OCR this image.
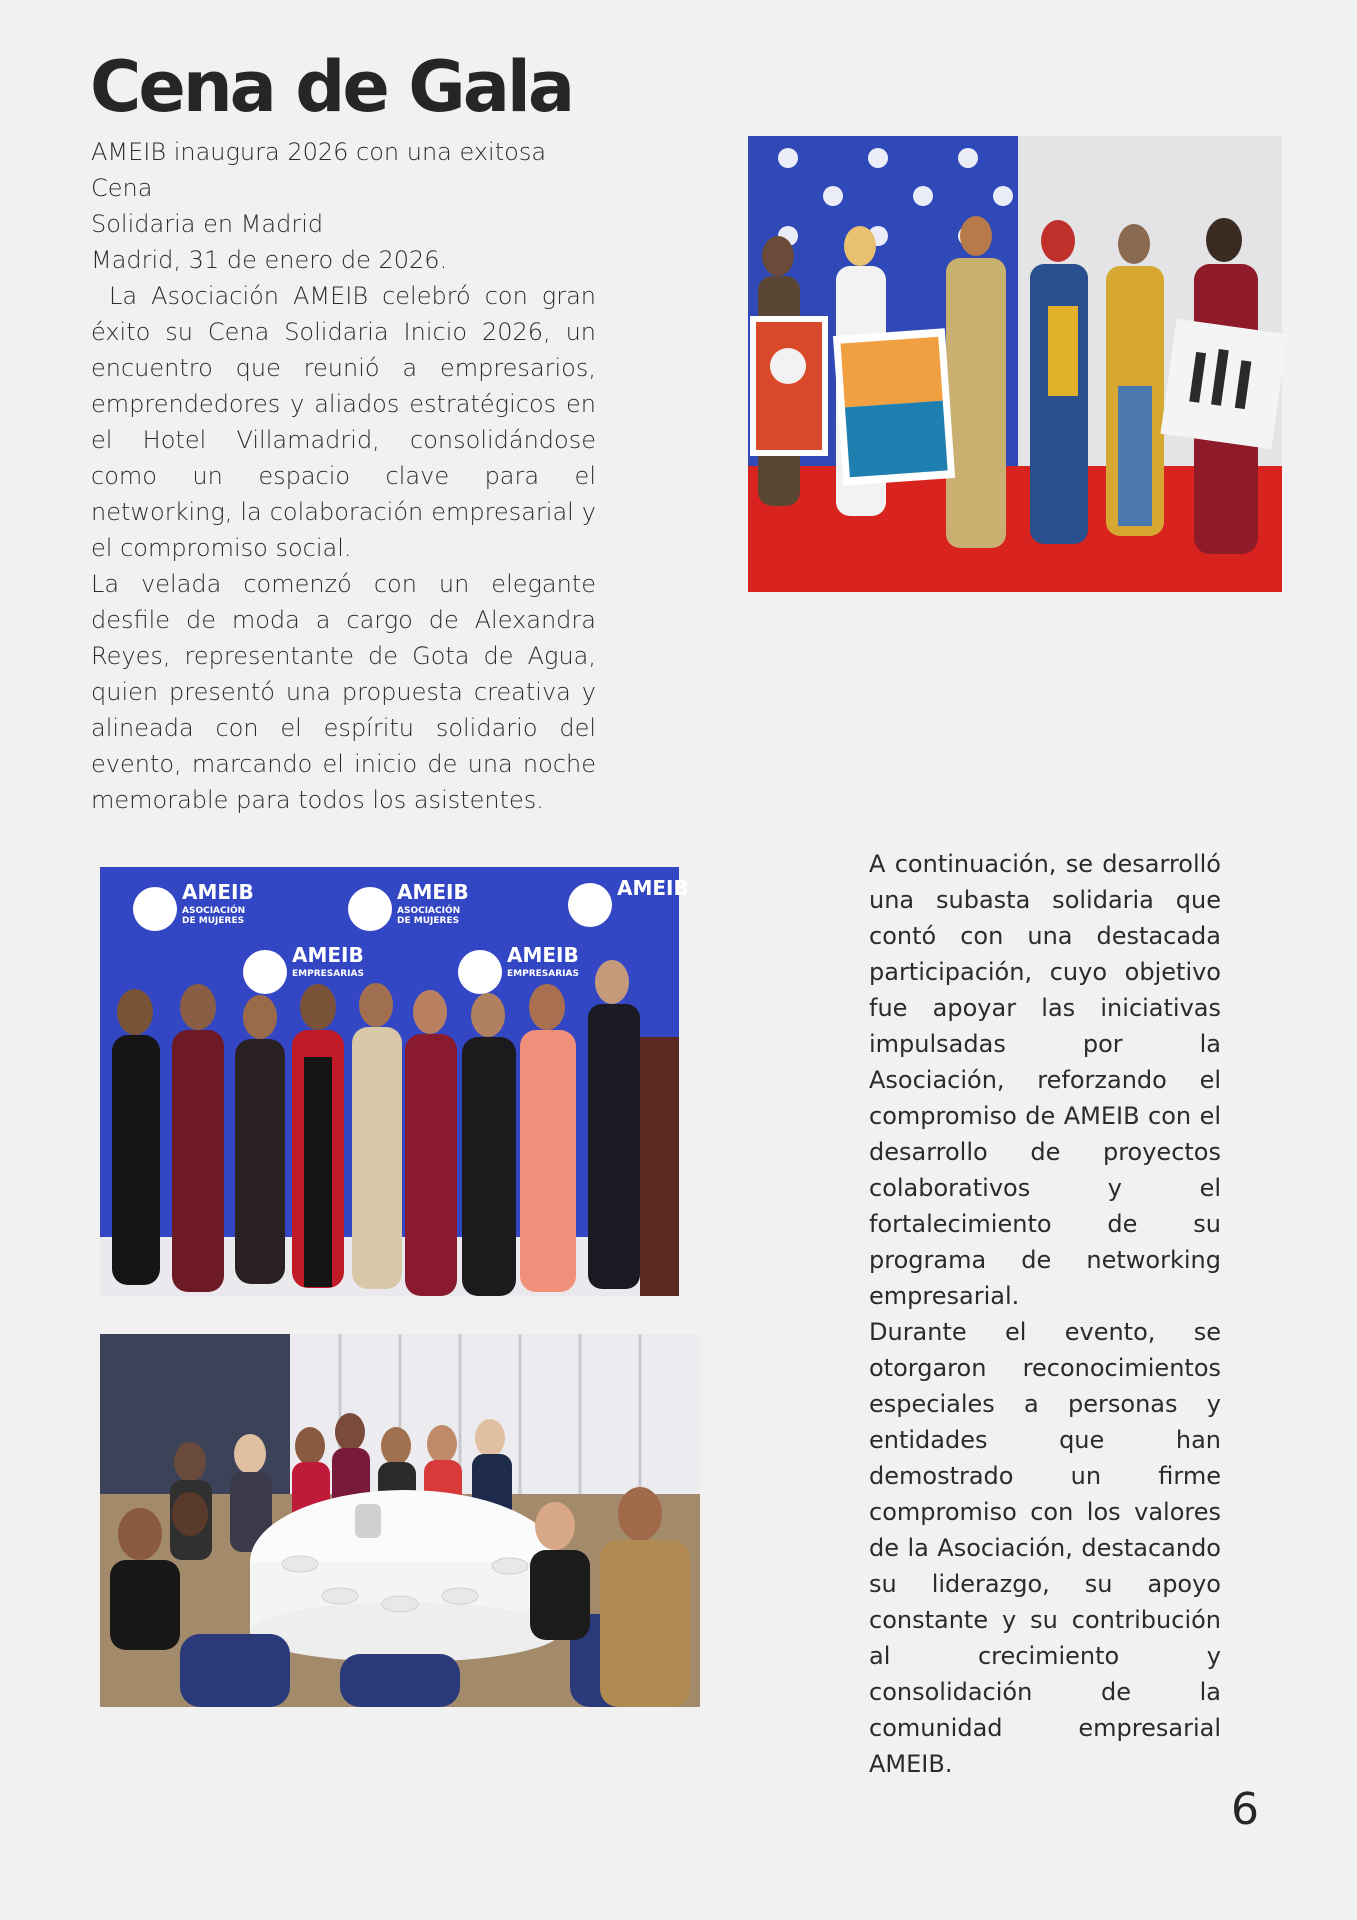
Cena de Gala

AMEIB inaugura 2026 con una exitosa Cena

Solidaria en Madrid

Madrid, 31 de enero de 2026.

La Asociación AMEIB celebró con gran éxito su Cena Solidaria Inicio 2026, un encuentro que reunió a empresarios, emprendedores y aliados estratégicos en el Hotel Villamadrid, consolidándose como un espacio clave para el networking, la colaboración empresarial y el compromiso social.

La velada comenzó con un elegante desfile de moda a cargo de Alexandra Reyes, representante de Gota de Agua, quien presentó una propuesta creativa y alineada con el espíritu solidario del evento, marcando el inicio de una noche memorable para todos los asistentes.

A continuación, se desarrolló una subasta solidaria que contó con una destacada participación, cuyo objetivo fue apoyar las iniciativas impulsadas por la Asociación, reforzando el compromiso de AMEIB con el desarrollo de proyectos colaborativos y el fortalecimiento de su programa de networking empresarial.

Durante el evento, se otorgaron reconocimientos especiales a personas y entidades que han demostrado un firme compromiso con los valores de la Asociación, destacando su liderazgo, su apoyo constante y su contribución al crecimiento y consolidación de la comunidad empresarial AMEIB.

AMEIB
ASOCIACIÓN
DE MUJERES
AMEIB
ASOCIACIÓN
DE MUJERES
AMEIB
AMEIB
EMPRESARIAS
AMEIB
EMPRESARIAS
6
